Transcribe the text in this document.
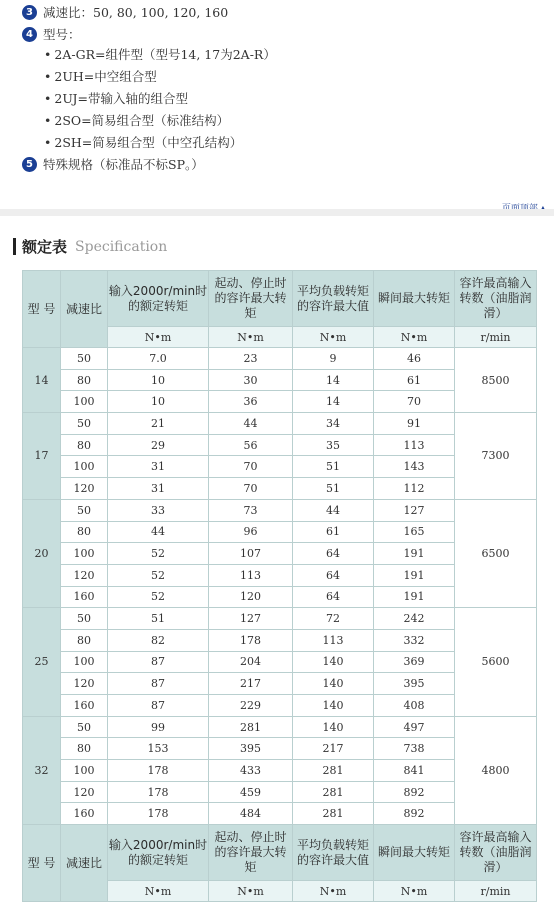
3 减速比：50, 80, 100, 120, 160
4 型号：
• 2A-GR=组件型（型号14, 17为2A-R）
• 2UH=中空组合型
• 2UJ=带输入轴的组合型
• 2SO=简易组合型（标准结构）
• 2SH=简易组合型（中空孔结构）
5 特殊规格（标准品不标SP。）
额定表 Specification
型 号	减速比	输入2000r/min时的额定转矩	起动、停止时的容许最大转矩	平均负载转矩的容许最大值	瞬间最大转矩	容许最高输入转数（油脂润滑）
		N•m	N•m	N•m	N•m	r/min
14	50	7.0	23	9	46	8500
	80	10	30	14	61	
	100	10	36	14	70	
17	50	21	44	34	91	7300
	80	29	56	35	113	
	100	31	70	51	143	
	120	31	70	51	112	
20	50	33	73	44	127	6500
	80	44	96	61	165	
	100	52	107	64	191	
	120	52	113	64	191	
	160	52	120	64	191	
25	50	51	127	72	242	5600
	80	82	178	113	332	
	100	87	204	140	369	
	120	87	217	140	395	
	160	87	229	140	408	
32	50	99	281	140	497	4800
	80	153	395	217	738	
	100	178	433	281	841	
	120	178	459	281	892	
	160	178	484	281	892	
型 号	减速比	输入2000r/min时的额定转矩	起动、停止时的容许最大转矩	平均负载转矩的容许最大值	瞬间最大转矩	容许最高输入转数（油脂润滑）
		N•m	N•m	N•m	N•m	r/min
